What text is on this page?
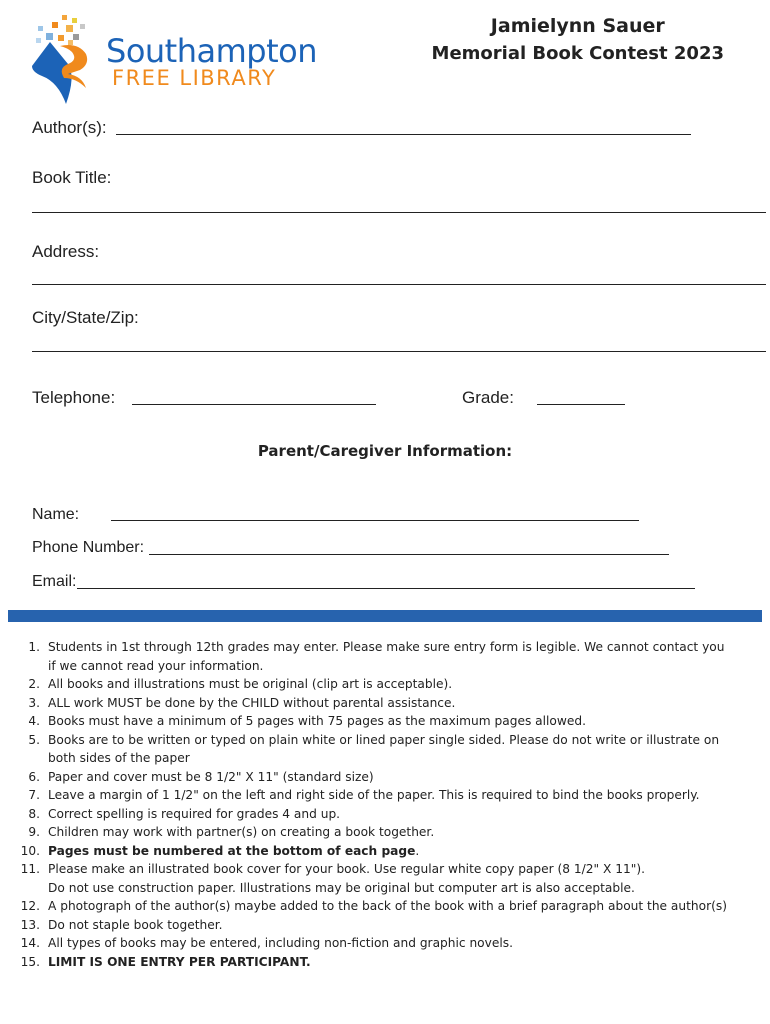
Southampton
FREE LIBRARY
Jamielynn Sauer
Memorial Book Contest 2023
Author(s):
Book Title:
Address:
City/State/Zip:
Telephone:	Grade:
Parent/Caregiver Information:
Name:
Phone Number:
Email:
1. Students in 1st through 12th grades may enter. Please make sure entry form is legible. We cannot contact you if we cannot read your information.
2. All books and illustrations must be original (clip art is acceptable).
3. ALL work MUST be done by the CHILD without parental assistance.
4. Books must have a minimum of 5 pages with 75 pages as the maximum pages allowed.
5. Books are to be written or typed on plain white or lined paper single sided. Please do not write or illustrate on both sides of the paper
6. Paper and cover must be 8 1/2" X 11" (standard size)
7. Leave a margin of 1 1/2" on the left and right side of the paper. This is required to bind the books properly.
8. Correct spelling is required for grades 4 and up.
9. Children may work with partner(s) on creating a book together.
10. Pages must be numbered at the bottom of each page.
11. Please make an illustrated book cover for your book. Use regular white copy paper (8 1/2" X 11").
Do not use construction paper. Illustrations may be original but computer art is also acceptable.
12. A photograph of the author(s) maybe added to the back of the book with a brief paragraph about the author(s)
13. Do not staple book together.
14. All types of books may be entered, including non-fiction and graphic novels.
15. LIMIT IS ONE ENTRY PER PARTICIPANT.
